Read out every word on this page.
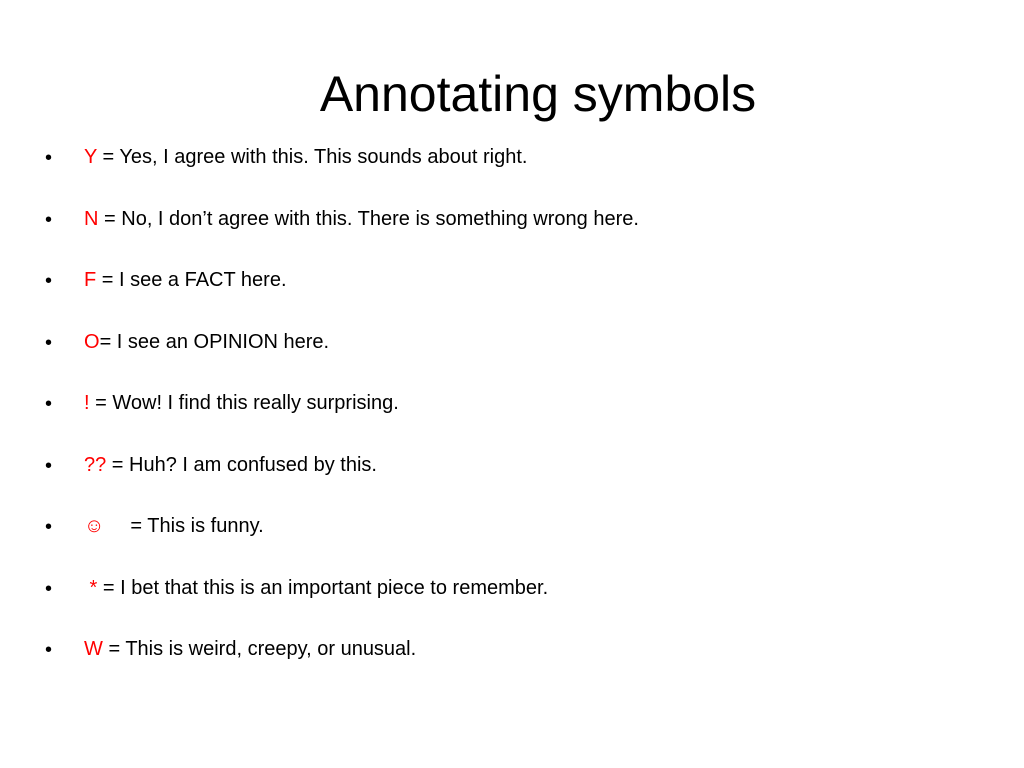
Annotating symbols
• Y = Yes, I agree with this. This sounds about right.
• N = No, I don’t agree with this. There is something wrong here.
• F = I see a FACT here.
• O= I see an OPINION here.
• ! = Wow! I find this really surprising.
• ?? = Huh? I am confused by this.
• ☺ = This is funny.
• * = I bet that this is an important piece to remember.
• W = This is weird, creepy, or unusual.
